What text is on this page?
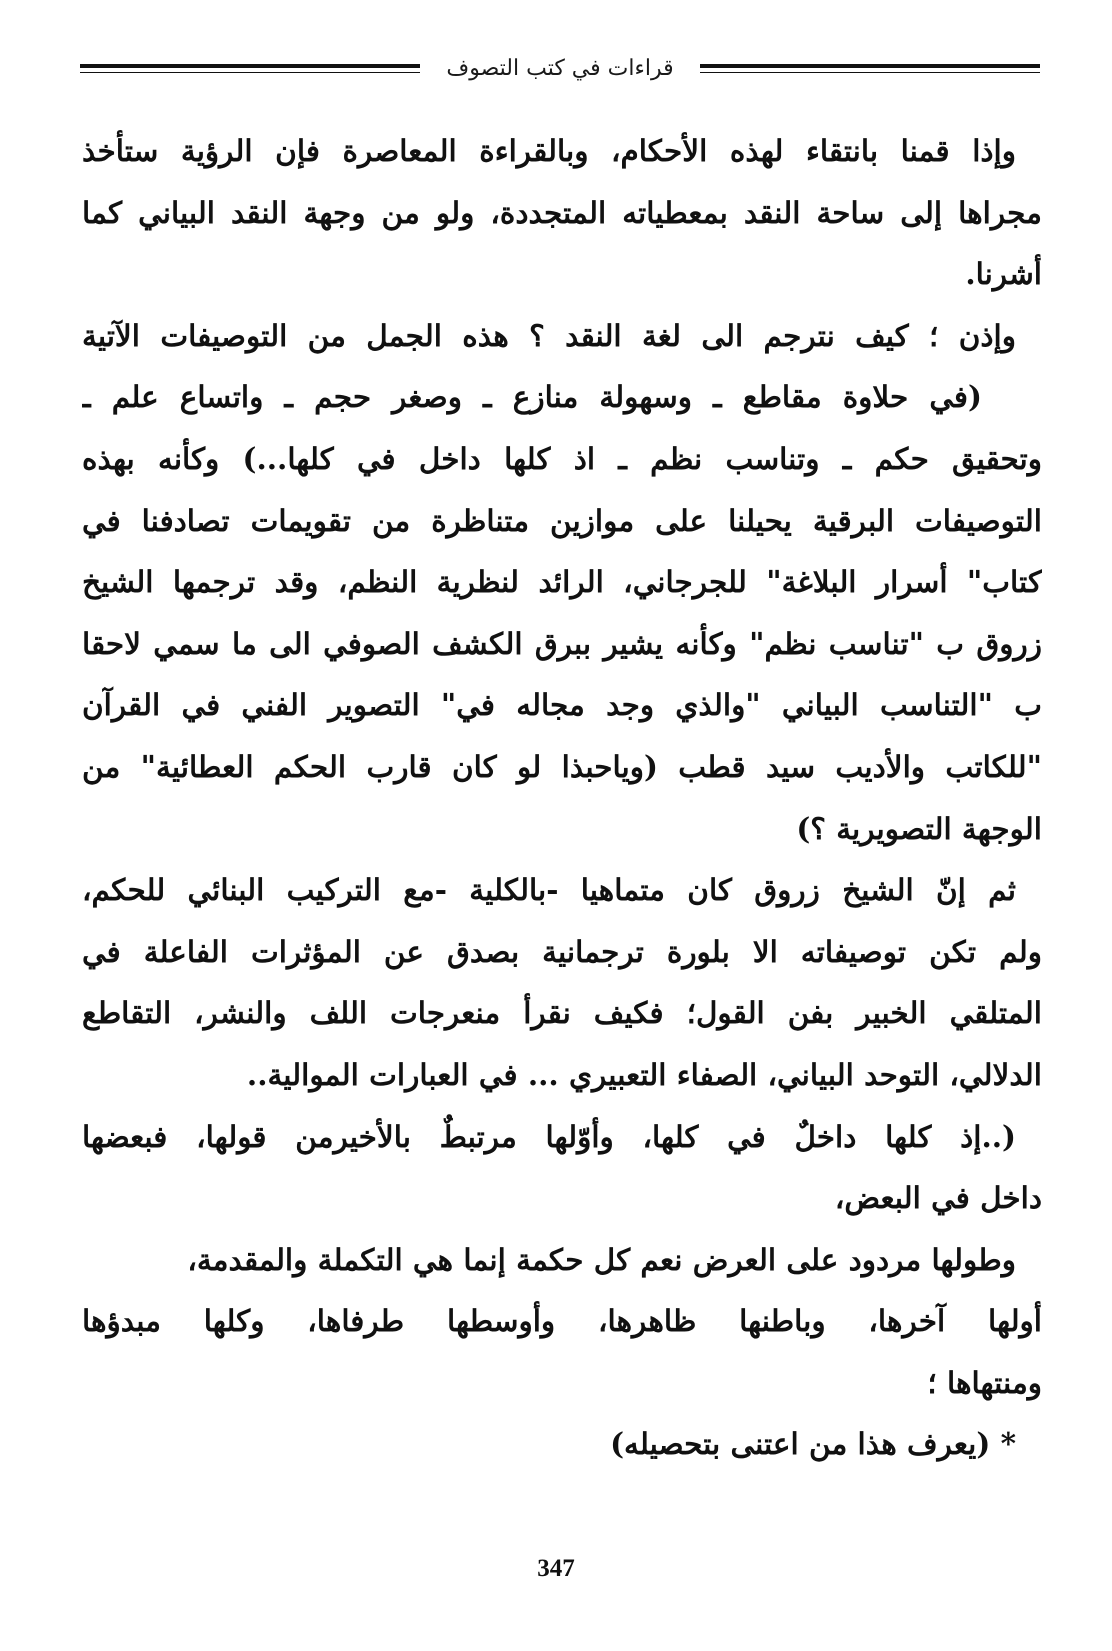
قراءات في كتب التصوف
وإذا قمنا بانتقاء لهذه الأحكام، وبالقراءة المعاصرة فإن الرؤية ستأخذ
مجراها إلى ساحة النقد بمعطياته المتجددة، ولو من وجهة النقد البياني كما
أشرنا.
وإذن ؛ كيف نترجم الى لغة النقد ؟ هذه الجمل من التوصيفات الآتية
(في حلاوة مقاطع ـ وسهولة منازع ـ وصغر حجم ـ واتساع علم ـ
وتحقيق حكم ـ وتناسب نظم ـ اذ كلها داخل في كلها...) وكأنه بهذه
التوصيفات البرقية يحيلنا على موازين متناظرة من تقويمات تصادفنا في
كتاب" أسرار البلاغة" للجرجاني، الرائد لنظرية النظم، وقد ترجمها الشيخ
زروق ب "تناسب نظم" وكأنه يشير ببرق الكشف الصوفي الى ما سمي لاحقا
ب "التناسب البياني "والذي وجد مجاله في" التصوير الفني في القرآن
"للكاتب والأديب سيد قطب (وياحبذا لو كان قارب الحكم العطائية" من
الوجهة التصويرية ؟)
ثم إنّ الشيخ زروق كان متماهيا -بالكلية -مع التركيب البنائي للحكم،
ولم تكن توصيفاته الا بلورة ترجمانية بصدق عن المؤثرات الفاعلة في
المتلقي الخبير بفن القول؛ فكيف نقرأ منعرجات اللف والنشر، التقاطع
الدلالي، التوحد البياني، الصفاء التعبيري ... في العبارات الموالية..
(..إذ كلها داخلٌ في كلها، وأوّلها مرتبطٌ بالأخيرمن قولها، فبعضها
داخل في البعض،
وطولها مردود على العرض نعم كل حكمة إنما هي التكملة والمقدمة،
أولها آخرها، وباطنها ظاهرها، وأوسطها طرفاها، وكلها مبدؤها
ومنتهاها ؛
* (يعرف هذا من اعتنى بتحصيله)
347
